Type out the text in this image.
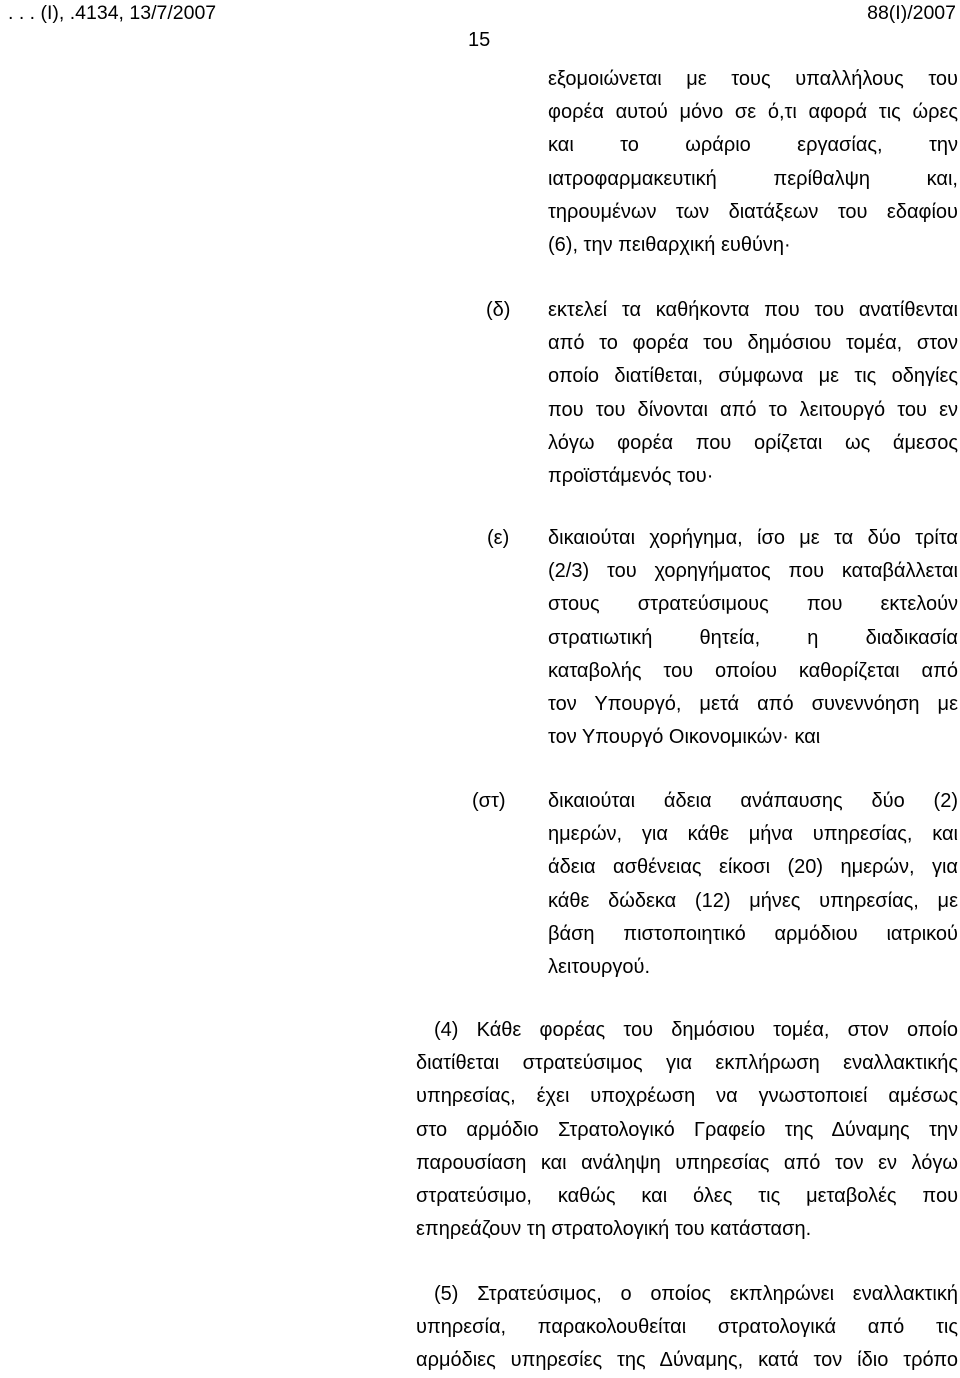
. . . (Ι), .4134, 13/7/2007	88(I)/2007
15
εξομοιώνεται με τους υπαλλήλους του
φορέα αυτού μόνο σε ό,τι αφορά τις ώρες
και το ωράριο εργασίας, την
ιατροφαρμακευτική περίθαλψη και,
τηρουμένων των διατάξεων του εδαφίου
(6), την πειθαρχική ευθύνη·
(δ) εκτελεί τα καθήκοντα που του ανατίθενται
από το φορέα του δημόσιου τομέα, στον
οποίο διατίθεται, σύμφωνα με τις οδηγίες
που του δίνονται από το λειτουργό του εν
λόγω φορέα που ορίζεται ως άμεσος
προϊστάμενός του·
(ε) δικαιούται χορήγημα, ίσο με τα δύο τρίτα
(2/3) του χορηγήματος που καταβάλλεται
στους στρατεύσιμους που εκτελούν
στρατιωτική θητεία, η διαδικασία
καταβολής του οποίου καθορίζεται από
τον Υπουργό, μετά από συνεννόηση με
τον Υπουργό Οικονομικών· και
(στ) δικαιούται άδεια ανάπαυσης δύο (2)
ημερών, για κάθε μήνα υπηρεσίας, και
άδεια ασθένειας είκοσι (20) ημερών, για
κάθε δώδεκα (12) μήνες υπηρεσίας, με
βάση πιστοποιητικό αρμόδιου ιατρικού
λειτουργού.
(4) Κάθε φορέας του δημόσιου τομέα, στον οποίο
διατίθεται στρατεύσιμος για εκπλήρωση εναλλακτικής
υπηρεσίας, έχει υποχρέωση να γνωστοποιεί αμέσως
στο αρμόδιο Στρατολογικό Γραφείο της Δύναμης την
παρουσίαση και ανάληψη υπηρεσίας από τον εν λόγω
στρατεύσιμο, καθώς και όλες τις μεταβολές που
επηρεάζουν τη στρατολογική του κατάσταση.
(5) Στρατεύσιμος, ο οποίος εκπληρώνει εναλλακτική
υπηρεσία, παρακολουθείται στρατολογικά από τις
αρμόδιες υπηρεσίες της Δύναμης, κατά τον ίδιο τρόπο
